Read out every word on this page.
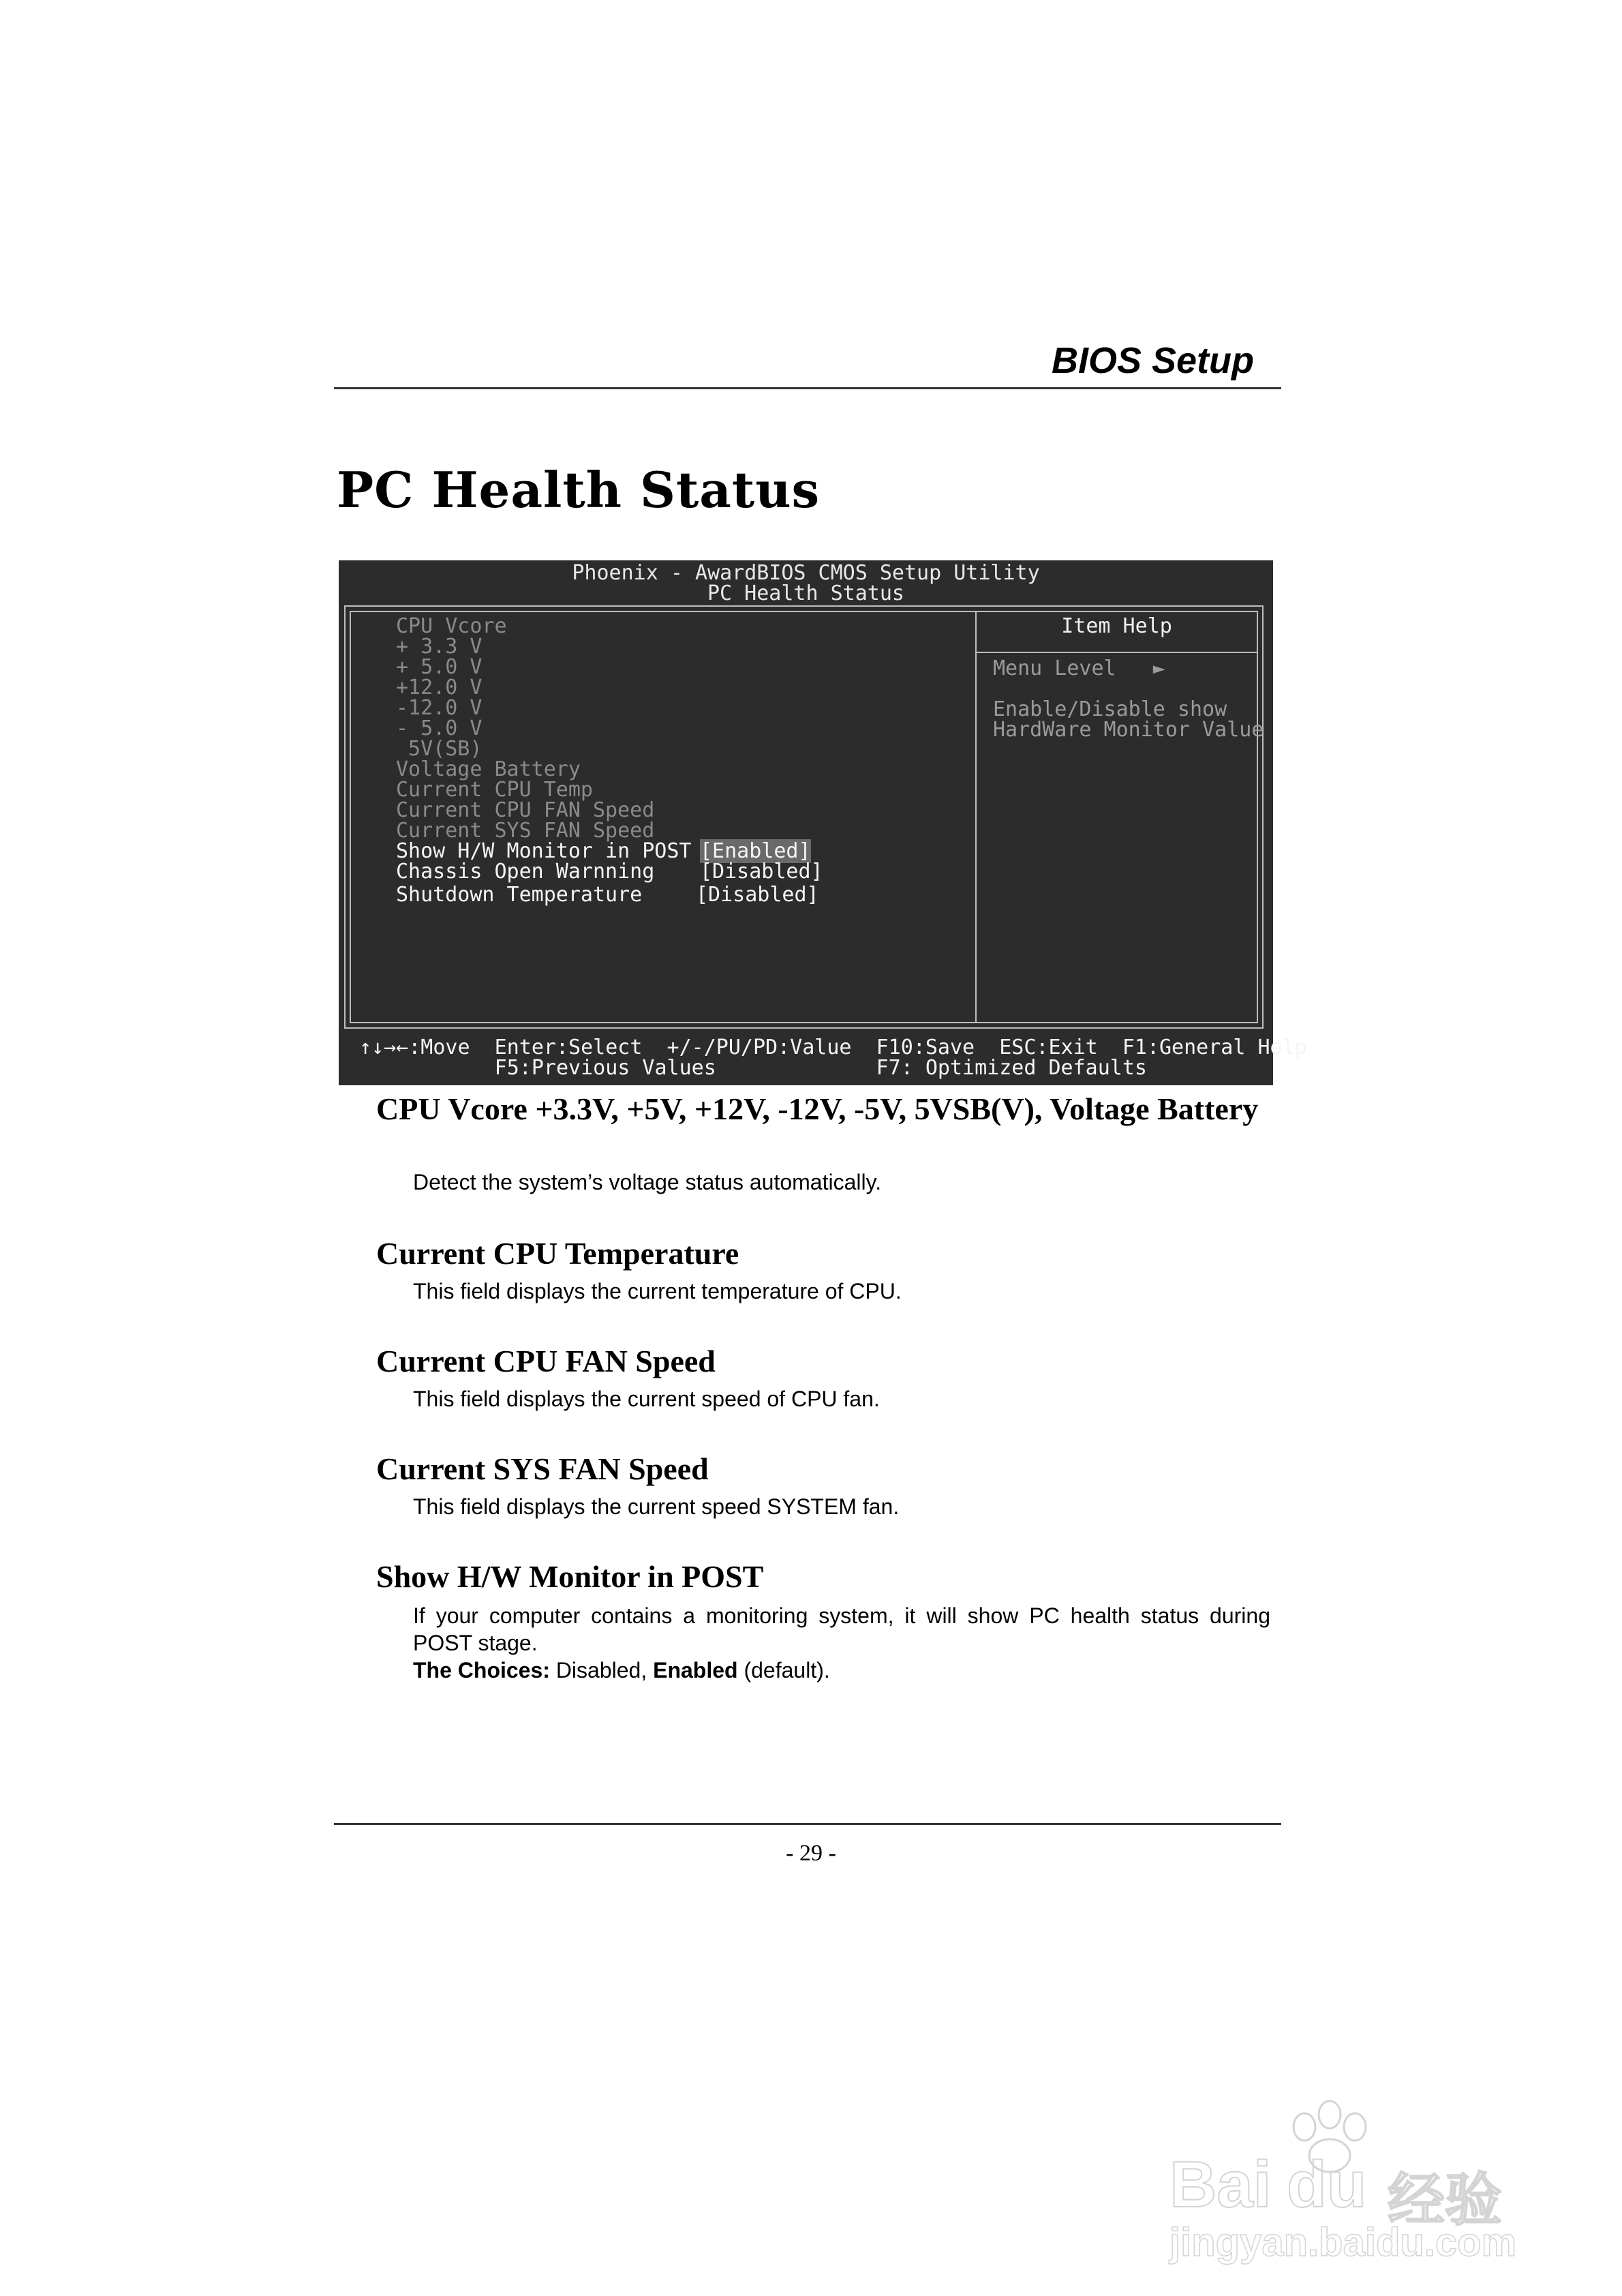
BIOS Setup
PC Health Status
Phoenix - AwardBIOS CMOS Setup Utility
PC Health Status
CPU Vcore
+ 3.3 V
+ 5.0 V
+12.0 V
-12.0 V
- 5.0 V
5V(SB)
Voltage Battery
Current CPU Temp
Current CPU FAN Speed
Current SYS FAN Speed
Show H/W Monitor in POST
Chassis Open Warnning
Shutdown Temperature
[Enabled]
[Disabled]
[Disabled]
Item Help
Menu Level   ►
Enable/Disable show
HardWare Monitor Value
↑↓→←:Move  Enter:Select  +/-/PU/PD:Value  F10:Save  ESC:Exit  F1:General Help
F5:Previous Values             F7: Optimized Defaults
CPU Vcore +3.3V, +5V, +12V, -12V, -5V, 5VSB(V), Voltage Battery
Detect the system’s voltage status automatically.
Current CPU Temperature
This field displays the current temperature of CPU.
Current CPU FAN Speed
This field displays the current speed of CPU fan.
Current SYS FAN Speed
This field displays the current speed SYSTEM fan.
Show H/W Monitor in POST
If your computer contains a monitoring system, it will show PC health status during POST stage.
The Choices: Disabled, Enabled (default).
- 29 -
Bai du 经验
jingyan.baidu.com
